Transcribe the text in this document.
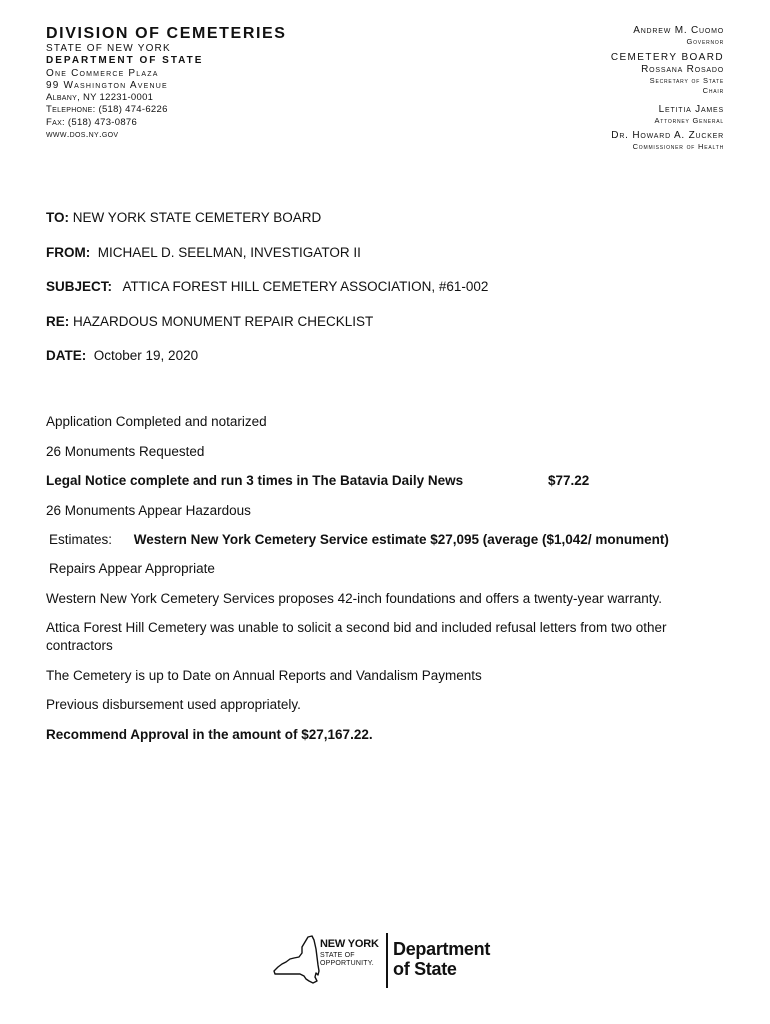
DIVISION OF CEMETERIES
STATE OF NEW YORK
DEPARTMENT OF STATE
One Commerce Plaza
99 Washington Avenue
Albany, NY 12231-0001
Telephone: (518) 474-6226
Fax: (518) 473-0876
www.dos.ny.gov
Andrew M. Cuomo
Governor
CEMETERY BOARD
Rossana Rosado
Secretary of State
Chair
Letitia James
Attorney General
Dr. Howard A. Zucker
Commissioner of Health
TO: NEW YORK STATE CEMETERY BOARD
FROM: MICHAEL D. SEELMAN, INVESTIGATOR II
SUBJECT: ATTICA FOREST HILL CEMETERY ASSOCIATION, #61-002
RE: HAZARDOUS MONUMENT REPAIR CHECKLIST
DATE: October 19, 2020
Application Completed and notarized
26 Monuments Requested
Legal Notice complete and run 3 times in The Batavia Daily News	$77.22
26 Monuments Appear Hazardous
Estimates: Western New York Cemetery Service estimate $27,095 (average ($1,042/ monument)
Repairs Appear Appropriate
Western New York Cemetery Services proposes 42-inch foundations and offers a twenty-year warranty.
Attica Forest Hill Cemetery was unable to solicit a second bid and included refusal letters from two other contractors
The Cemetery is up to Date on Annual Reports and Vandalism Payments
Previous disbursement used appropriately.
Recommend Approval in the amount of $27,167.22.
NEW YORK
STATE OF
OPPORTUNITY.
Department
of State
